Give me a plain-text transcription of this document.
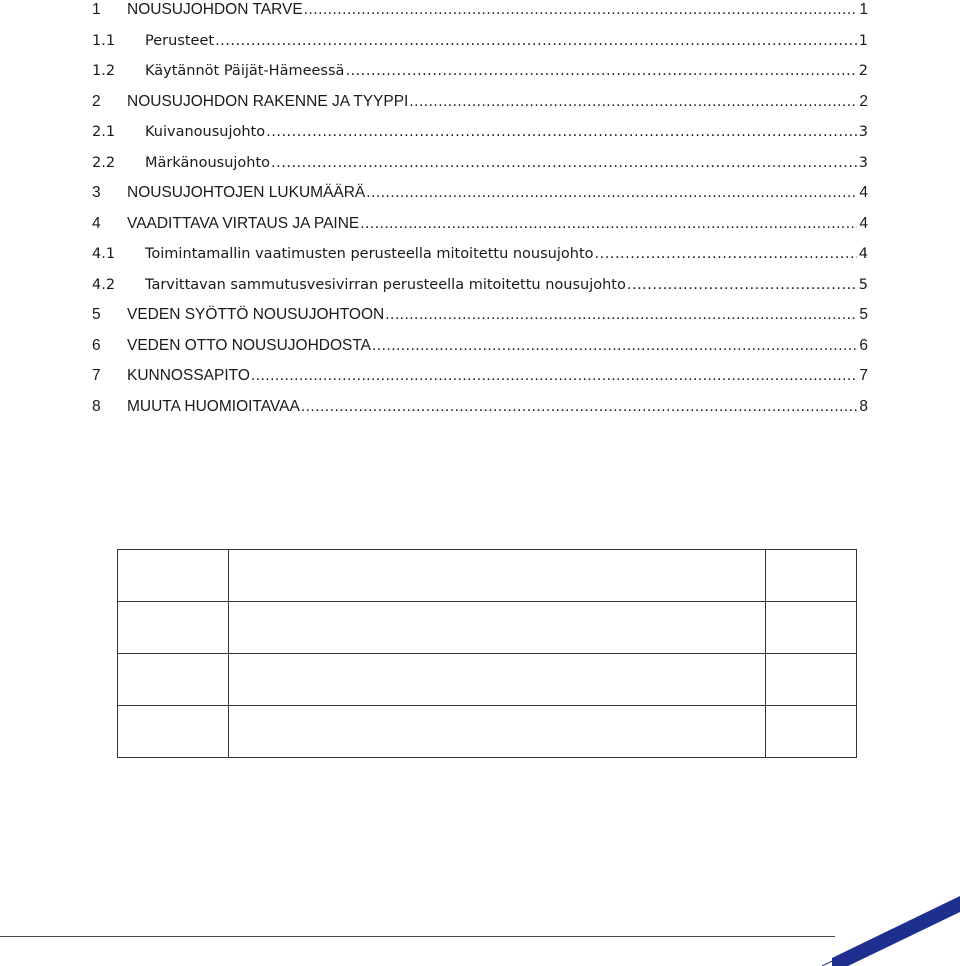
1	NOUSUJOHDON TARVE .....	1
1.1	Perusteet .....	1
1.2	Käytännöt Päijät-Hämeessä .....	2
2	NOUSUJOHDON RAKENNE JA TYYPPI .....	2
2.1	Kuivanousujohto .....	3
2.2	Märkänousujohto .....	3
3	NOUSUJOHTOJEN LUKUMÄÄRÄ .....	4
4	VAADITTAVA VIRTAUS JA PAINE .....	4
4.1	Toimintamallin vaatimusten perusteella mitoitettu nousujohto .....	4
4.2	Tarvittavan sammutusvesivirran perusteella mitoitettu nousujohto .....	5
5	VEDEN SYÖTTÖ NOUSUJOHTOON .....	5
6	VEDEN OTTO NOUSUJOHDOSTA .....	6
7	KUNNOSSAPITO .....	7
8	MUUTA HUOMIOITAVAA .....	8
